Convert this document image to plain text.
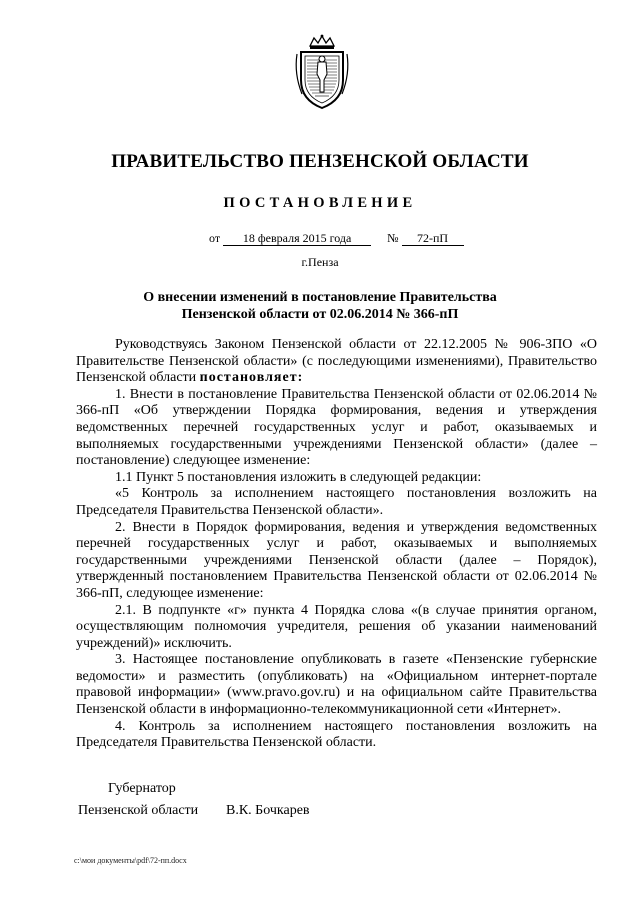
ПРАВИТЕЛЬСТВО ПЕНЗЕНСКОЙ ОБЛАСТИ
ПОСТАНОВЛЕНИЕ
от 18 февраля 2015 года	№ 72-пП
г.Пенза
О внесении изменений в постановление Правительства
Пензенской области от 02.06.2014 № 366-пП

Руководствуясь Законом Пензенской области от 22.12.2005 № 906-ЗПО «О Правительстве Пензенской области» (с последующими изменениями), Правительство Пензенской области постановляет:

1. Внести в постановление Правительства Пензенской области от 02.06.2014 № 366-пП «Об утверждении Порядка формирования, ведения и утверждения ведомственных перечней государственных услуг и работ, оказываемых и выполняемых государственными учреждениями Пензенской области» (далее – постановление) следующее изменение:

1.1 Пункт 5 постановления изложить в следующей редакции:

«5 Контроль за исполнением настоящего постановления возложить на Председателя Правительства Пензенской области».

2. Внести в Порядок формирования, ведения и утверждения ведомственных перечней государственных услуг и работ, оказываемых и выполняемых государственными учреждениями Пензенской области (далее – Порядок), утвержденный постановлением Правительства Пензенской области от 02.06.2014 № 366-пП, следующее изменение:

2.1. В подпункте «г» пункта 4 Порядка слова «(в случае принятия органом, осуществляющим полномочия учредителя, решения об указании наименований учреждений)» исключить.

3. Настоящее постановление опубликовать в газете «Пензенские губернские ведомости» и разместить (опубликовать) на «Официальном интернет-портале правовой информации» (www.pravo.gov.ru) и на официальном сайте Правительства Пензенской области в информационно-телекоммуникационной сети «Интернет».

4. Контроль за исполнением настоящего постановления возложить на Председателя Правительства Пензенской области.

Губернатор
Пензенской области В.К. Бочкарев
c:\мои документы\pdf\72-пп.docx
